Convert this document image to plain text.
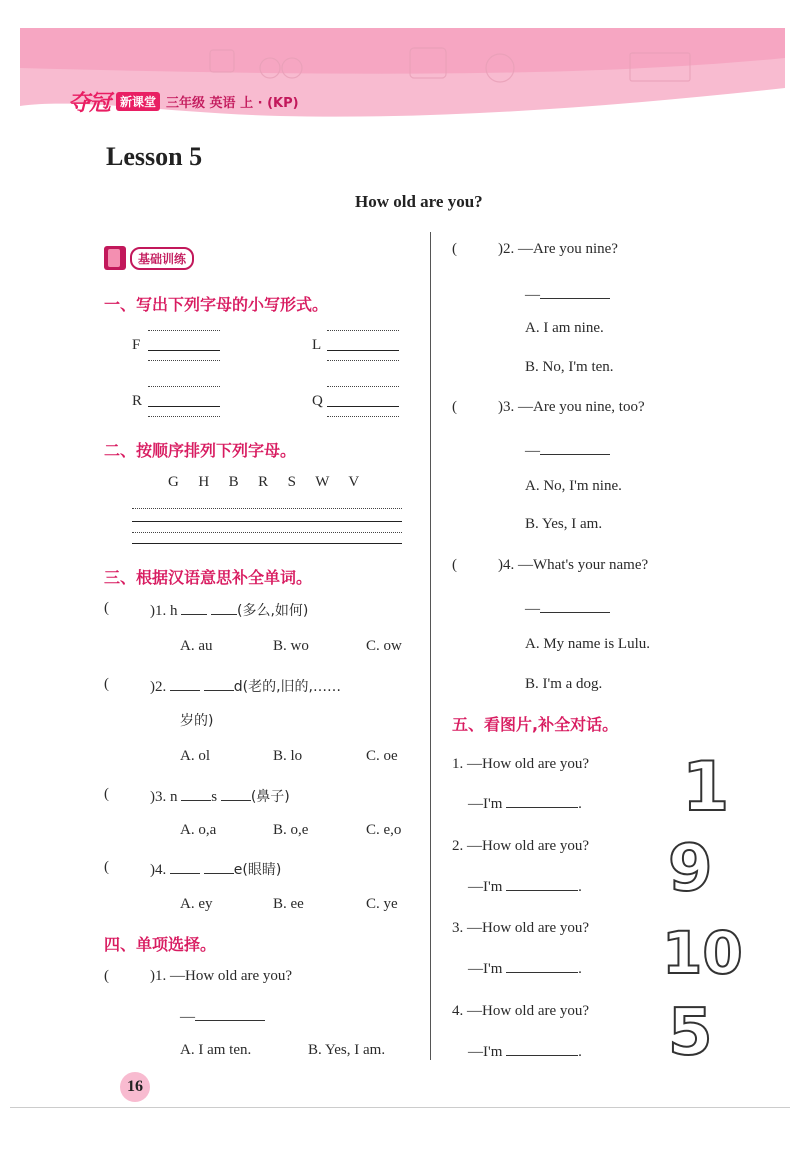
夺冠 新课堂 三年级 英语 上 · (KP)
Lesson 5
How old are you?
基础训练
一、写出下列字母的小写形式。
F	L
R	Q
二、按顺序排列下列字母。
G  H  B  R  S  W  V
三、根据汉语意思补全单词。
(	)1. h	(多么,如何)
A. au	B. wo	C. ow
(	)2.	d(老的,旧的,……
岁的)
A. ol	B. lo	C. oe
(	)3. n s (鼻子)
A. o,a	B. o,e	C. e,o
(	)4.	e(眼睛)
A. ey	B. ee	C. ye
四、单项选择。
(	)1. —How old are you?
—
A. I am ten.	B. Yes, I am.
(	)2. —Are you nine?
—
A. I am nine.
B. No, I'm ten.
(	)3. —Are you nine, too?
—
A. No, I'm nine.
B. Yes, I am.
(	)4. —What's your name?
—
A. My name is Lulu.
B. I'm a dog.
五、看图片,补全对话。
1. —How old are you?
—I'm	.
2. —How old are you?
—I'm	.
3. —How old are you?
—I'm	.
4. —How old are you?
—I'm	.
1
9
10
5
16
